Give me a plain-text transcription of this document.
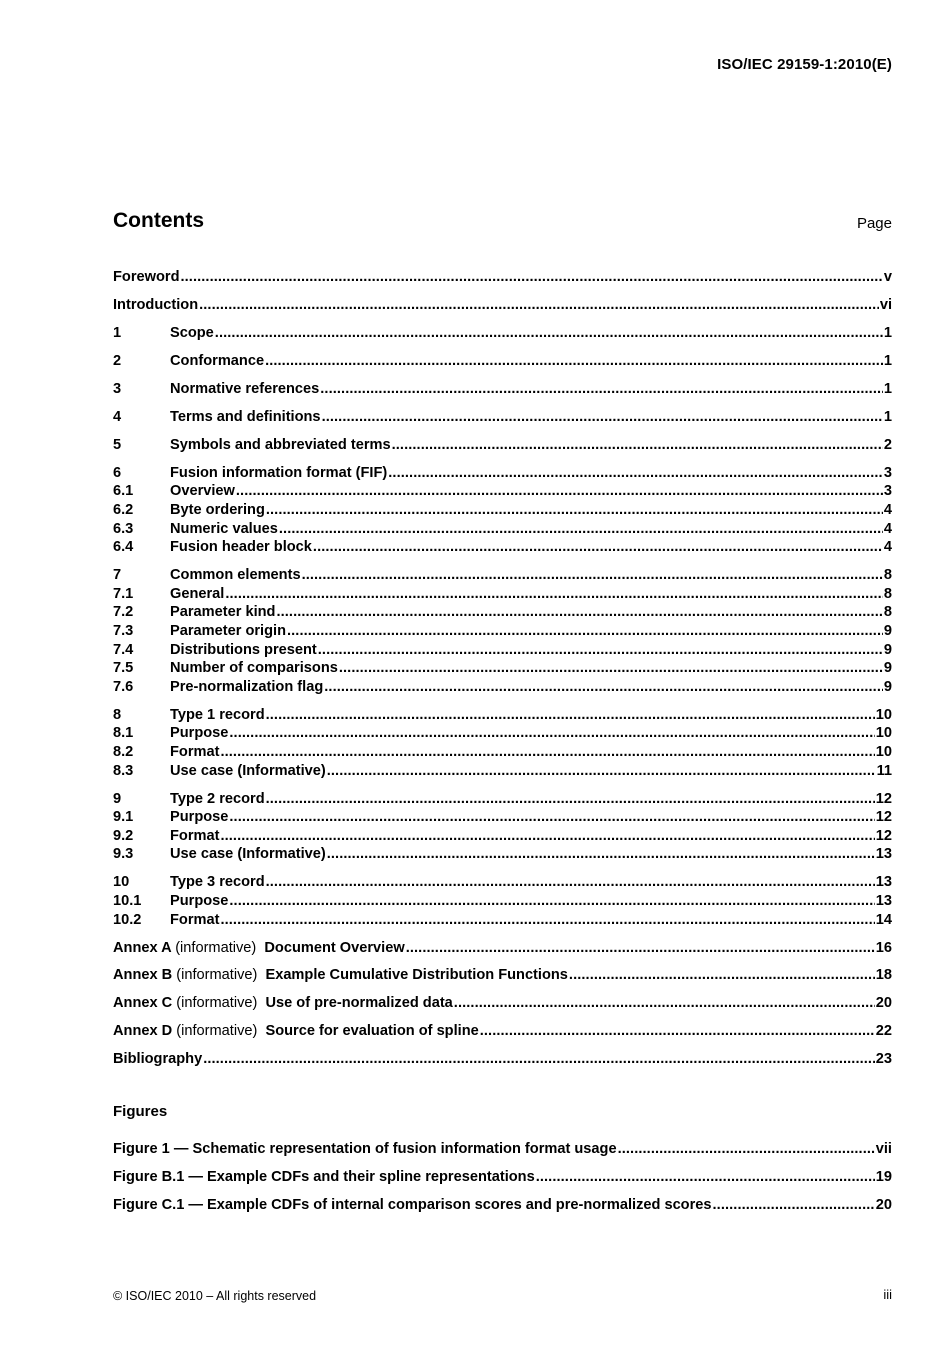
ISO/IEC 29159-1:2010(E)
Contents	Page
Foreword .....	v
Introduction .....	vi
1	Scope .....	1
2	Conformance .....	1
3	Normative references .....	1
4	Terms and definitions .....	1
5	Symbols and abbreviated terms .....	2
6	Fusion information format (FIF) .....	3
6.1	Overview .....	3
6.2	Byte ordering .....	4
6.3	Numeric values .....	4
6.4	Fusion header block .....	4
7	Common elements .....	8
7.1	General .....	8
7.2	Parameter kind .....	8
7.3	Parameter origin .....	9
7.4	Distributions present .....	9
7.5	Number of comparisons .....	9
7.6	Pre-normalization flag .....	9
8	Type 1 record .....	10
8.1	Purpose .....	10
8.2	Format .....	10
8.3	Use case (Informative) .....	11
9	Type 2 record .....	12
9.1	Purpose .....	12
9.2	Format .....	12
9.3	Use case (Informative) .....	13
10	Type 3 record .....	13
10.1	Purpose .....	13
10.2	Format .....	14
Annex A (informative) Document Overview .....	16
Annex B (informative) Example Cumulative Distribution Functions .....	18
Annex C (informative) Use of pre-normalized data .....	20
Annex D (informative) Source for evaluation of spline .....	22
Bibliography .....	23
Figures
Figure 1 — Schematic representation of fusion information format usage .....	vii
Figure B.1 — Example CDFs and their spline representations .....	19
Figure C.1 — Example CDFs of internal comparison scores and pre-normalized scores .....	20
© ISO/IEC 2010 – All rights reserved	iii
